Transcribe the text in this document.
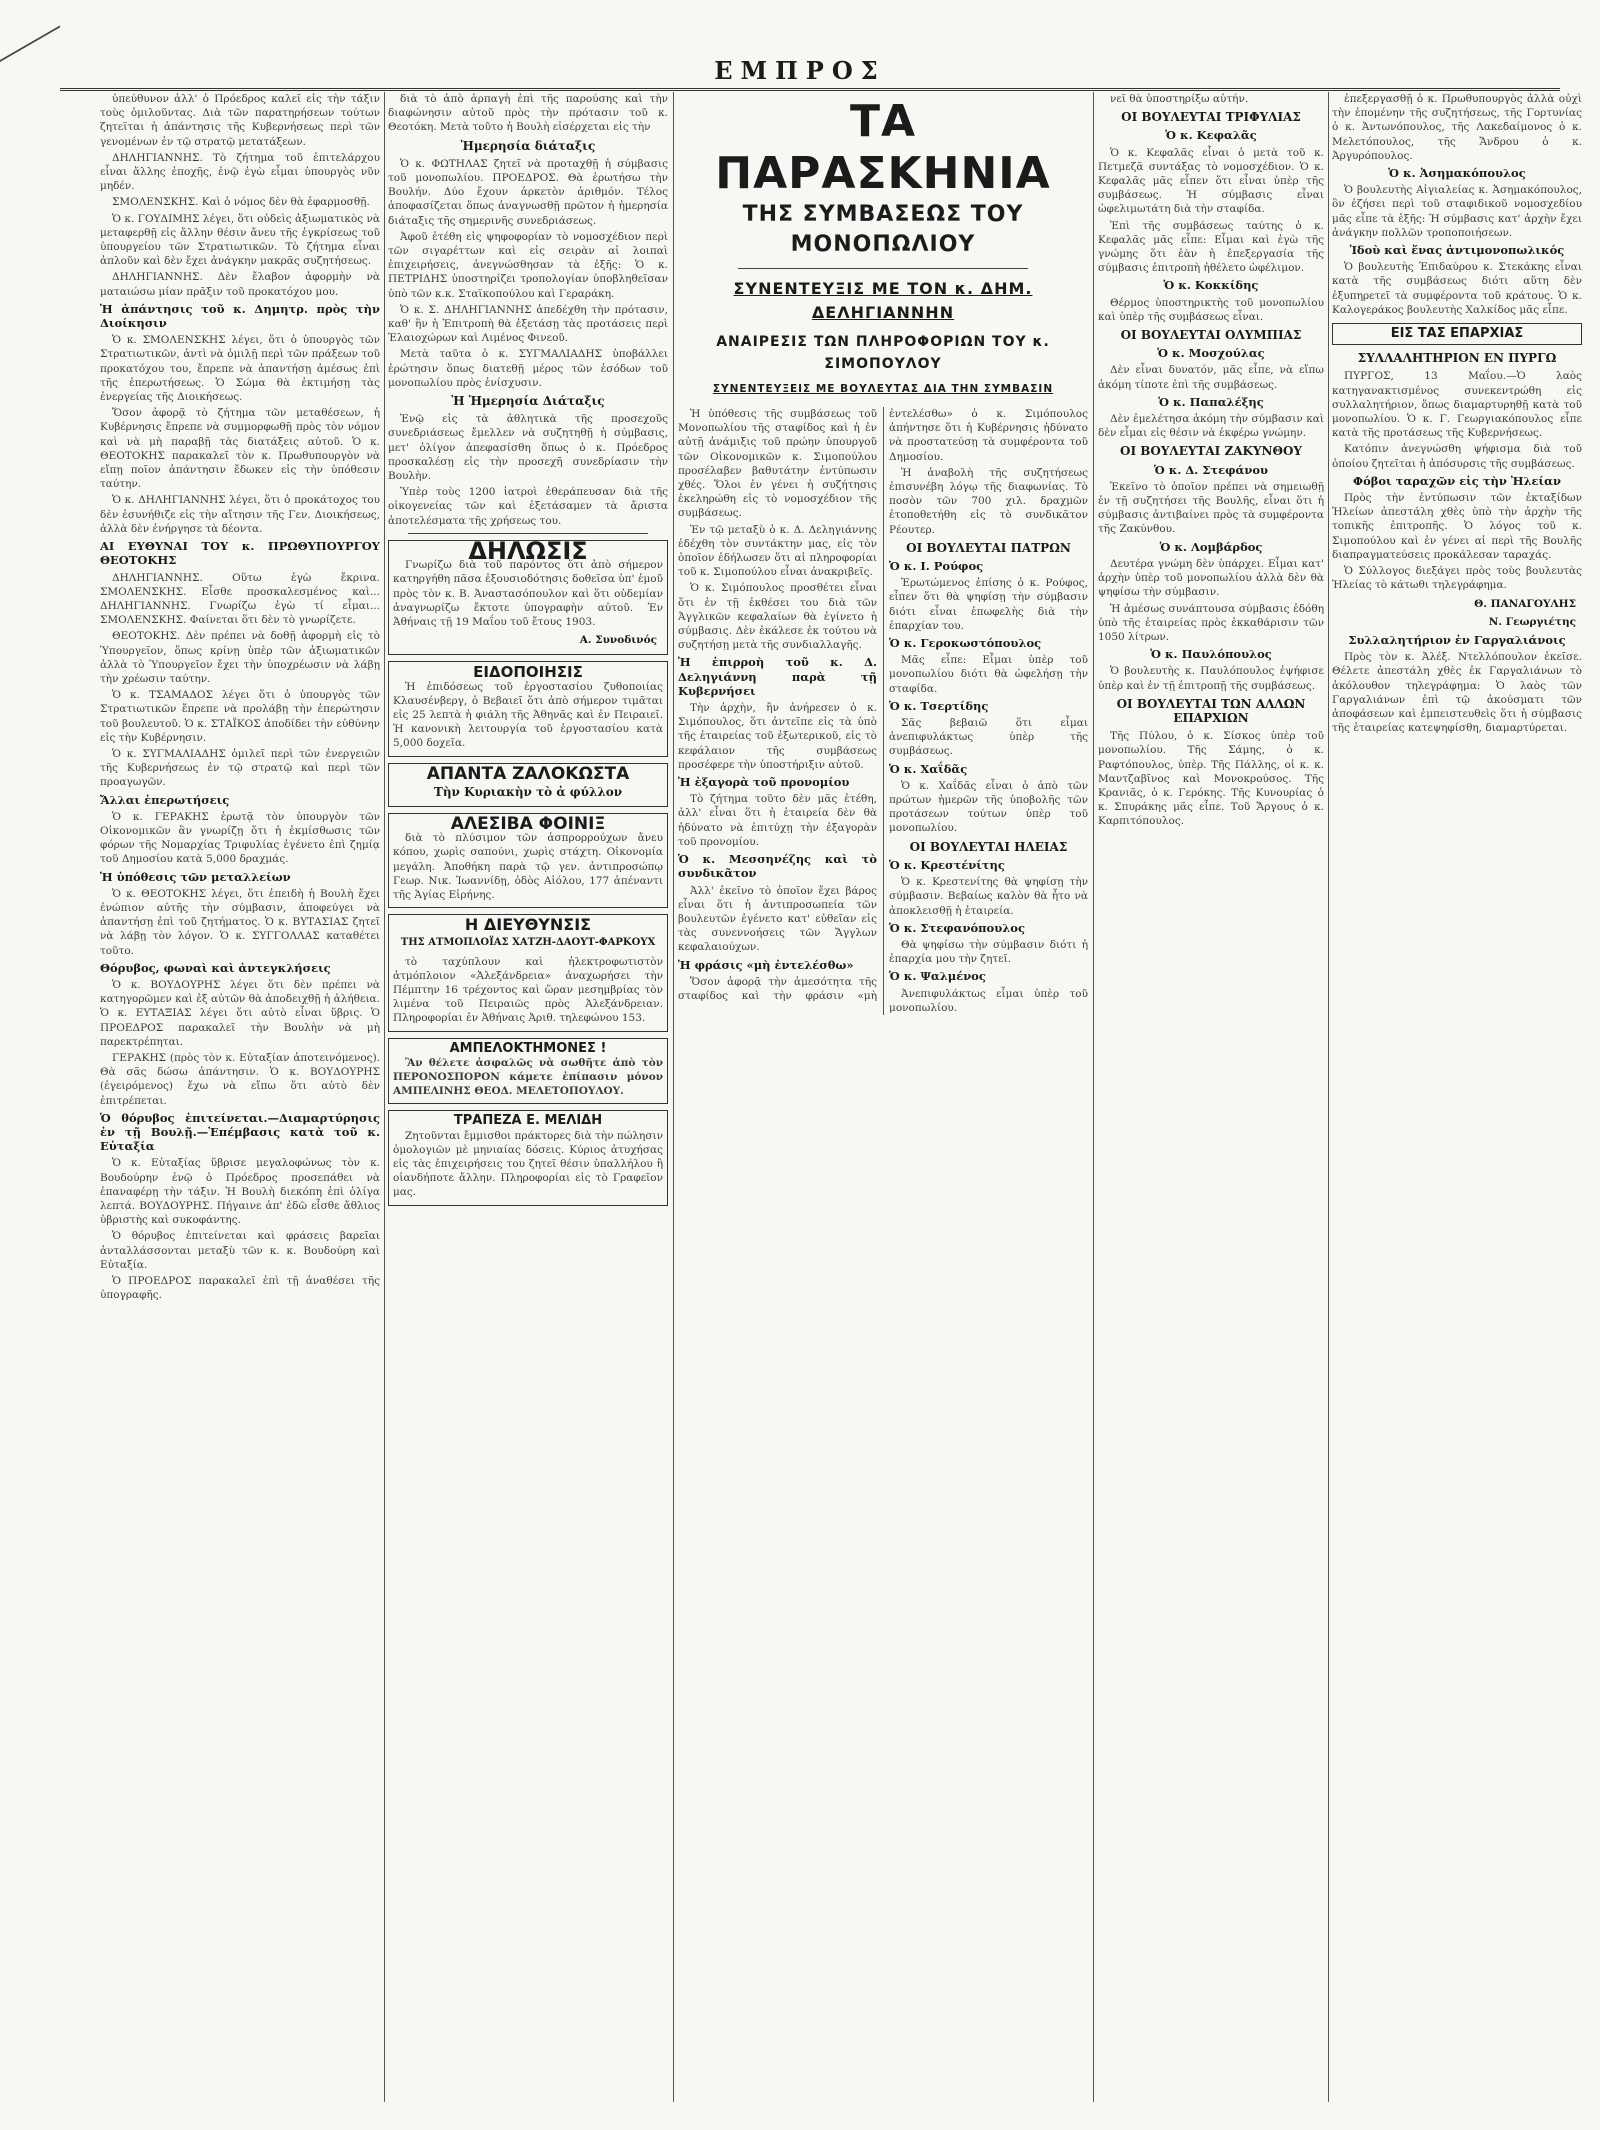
ΕΜΠΡΟΣ

ὑπεύθυνον ἀλλ' ὁ Πρόεδρος καλεῖ εἰς τὴν τάξιν τοὺς ὁμιλοῦντας. Διὰ τῶν παρατηρήσεων τούτων ζητεῖται ἡ ἀπάντησις τῆς Κυβερνήσεως περὶ τῶν γενομένων ἐν τῷ στρατῷ μετατάξεων.

ΔΗΛΗΓΙΑΝΝΗΣ. Τὸ ζήτημα τοῦ ἐπιτελάρχου εἶναι ἄλλης ἐποχῆς, ἐνῷ ἐγὼ εἶμαι ὑπουργὸς νῦν μηδέν.

ΣΜΟΛΕΝΣΚΗΣ. Καὶ ὁ νόμος δὲν θὰ ἐφαρμοσθῇ.

Ὁ κ. ΓΟΥΔΙΜΗΣ λέγει, ὅτι οὐδεὶς ἀξιωματικὸς νὰ μεταφερθῇ εἰς ἄλλην θέσιν ἄνευ τῆς ἐγκρίσεως τοῦ ὑπουργείου τῶν Στρατιωτικῶν. Τὸ ζήτημα εἶναι ἀπλοῦν καὶ δὲν ἔχει ἀνάγκην μακρᾶς συζητήσεως.

ΔΗΛΗΓΙΑΝΝΗΣ. Δὲν ἔλαβον ἀφορμὴν νὰ ματαιώσω μίαν πρᾶξιν τοῦ προκατόχου μου.

Ἡ ἀπάντησις τοῦ κ. Δημητρ. πρὸς τὴν Διοίκησιν

Ὁ κ. ΣΜΟΛΕΝΣΚΗΣ λέγει, ὅτι ὁ ὑπουργὸς τῶν Στρατιωτικῶν, ἀντὶ νὰ ὁμιλῇ περὶ τῶν πράξεων τοῦ προκατόχου του, ἔπρεπε νὰ ἀπαντήσῃ ἀμέσως ἐπὶ τῆς ἐπερωτήσεως. Ὁ Σώμα θὰ ἐκτιμήσῃ τὰς ἐνεργείας τῆς Διοικήσεως.

Ὅσον ἀφορᾷ τὸ ζήτημα τῶν μεταθέσεων, ἡ Κυβέρνησις ἔπρεπε νὰ συμμορφωθῇ πρὸς τὸν νόμον καὶ νὰ μὴ παραβῇ τὰς διατάξεις αὐτοῦ. Ὁ κ. ΘΕΟΤΟΚΗΣ παρακαλεῖ τὸν κ. Πρωθυπουργὸν νὰ εἴπῃ ποῖον ἀπάντησιν ἔδωκεν εἰς τὴν ὑπόθεσιν ταύτην.

Ὁ κ. ΔΗΛΗΓΙΑΝΝΗΣ λέγει, ὅτι ὁ προκάτοχος του δὲν ἐσυνήθιζε εἰς τὴν αἴτησιν τῆς Γεν. Διοικήσεως, ἀλλὰ δὲν ἐνήργησε τὰ δέοντα.

ΑΙ ΕΥΘΥΝΑΙ ΤΟΥ κ. ΠΡΩΘΥΠΟΥΡΓΟΥ ΘΕΟΤΟΚΗΣ

ΔΗΛΗΓΙΑΝΝΗΣ. Οὕτω ἐγὼ ἔκρινα. ΣΜΟΛΕΝΣΚΗΣ. Εἶσθε προσκαλεσμένος καὶ... ΔΗΛΗΓΙΑΝΝΗΣ. Γνωρίζω ἐγὼ τί εἶμαι... ΣΜΟΛΕΝΣΚΗΣ. Φαίνεται ὅτι δὲν τὸ γνωρίζετε.

ΘΕΟΤΟΚΗΣ. Δὲν πρέπει νὰ δοθῇ ἀφορμὴ εἰς τὸ Ὑπουργεῖον, ὅπως κρίνῃ ὑπὲρ τῶν ἀξιωματικῶν ἀλλὰ τὸ Ὑπουργεῖον ἔχει τὴν ὑποχρέωσιν νὰ λάβῃ τὴν χρέωσιν ταύτην.

Ὁ κ. ΤΣΑΜΑΔΟΣ λέγει ὅτι ὁ ὑπουργὸς τῶν Στρατιωτικῶν ἔπρεπε νὰ προλάβῃ τὴν ἐπερώτησιν τοῦ βουλευτοῦ. Ὁ κ. ΣΤΑΪΚΟΣ ἀποδίδει τὴν εὐθύνην εἰς τὴν Κυβέρνησιν.

Ὁ κ. ΣΥΓΜΑΛΙΑΔΗΣ ὁμιλεῖ περὶ τῶν ἐνεργειῶν τῆς Κυβερνήσεως ἐν τῷ στρατῷ καὶ περὶ τῶν προαγωγῶν.

Ἄλλαι ἐπερωτήσεις

Ὁ κ. ΓΕΡΑΚΗΣ ἐρωτᾷ τὸν ὑπουργὸν τῶν Οἰκονομικῶν ἂν γνωρίζῃ ὅτι ἡ ἐκμίσθωσις τῶν φόρων τῆς Νομαρχίας Τριφυλίας ἐγένετο ἐπὶ ζημίᾳ τοῦ Δημοσίου κατὰ 5,000 δραχμάς.

Ἡ ὑπόθεσις τῶν μεταλλείων

Ὁ κ. ΘΕΟΤΟΚΗΣ λέγει, ὅτι ἐπειδὴ ἡ Βουλὴ ἔχει ἐνώπιον αὐτῆς τὴν σύμβασιν, ἀποφεύγει νὰ ἀπαντήσῃ ἐπὶ τοῦ ζητήματος. Ὁ κ. ΒΥΤΑΣΙΑΣ ζητεῖ νὰ λάβῃ τὸν λόγον. Ὁ κ. ΣΥΓΓΟΛΛΑΣ καταθέτει τοῦτο.

Θόρυβος, φωναὶ καὶ ἀντεγκλήσεις

Ὁ κ. ΒΟΥΔΟΥΡΗΣ λέγει ὅτι δὲν πρέπει νὰ κατηγορῶμεν καὶ ἐξ αὐτῶν θὰ ἀποδειχθῇ ἡ ἀλήθεια. Ὁ κ. ΕΥΤΑΞΙΑΣ λέγει ὅτι αὐτὸ εἶναι ὕβρις. Ὁ ΠΡΟΕΔΡΟΣ παρακαλεῖ τὴν Βουλὴν νὰ μὴ παρεκτρέπηται.

ΓΕΡΑΚΗΣ (πρὸς τὸν κ. Εὐταξίαν ἀποτεινόμενος). Θὰ σᾶς δώσω ἀπάντησιν. Ὁ κ. ΒΟΥΔΟΥΡΗΣ (ἐγειρόμενος) ἔχω νὰ εἴπω ὅτι αὐτὸ δὲν ἐπιτρέπεται.

Ὁ θόρυβος ἐπιτείνεται.—Διαμαρτύρησις ἐν τῇ Βουλῇ.—Ἐπέμβασις κατὰ τοῦ κ. Εὐταξία

Ὁ κ. Εὐταξίας ὕβρισε μεγαλοφώνως τὸν κ. Βουδούρην ἐνῷ ὁ Πρόεδρος προσεπάθει νὰ ἐπαναφέρῃ τὴν τάξιν. Ἡ Βουλὴ διεκόπη ἐπὶ ὀλίγα λεπτά. ΒΟΥΔΟΥΡΗΣ. Πήγαινε ἀπ' ἐδῶ εἶσθε ἄθλιος ὑβριστὴς καὶ συκοφάντης.

Ὁ θόρυβος ἐπιτείνεται καὶ φράσεις βαρεῖαι ἀνταλλάσσονται μεταξὺ τῶν κ. κ. Βουδούρη καὶ Εὐταξία.

Ὁ ΠΡΟΕΔΡΟΣ παρακαλεῖ ἐπὶ τῇ ἀναθέσει τῆς ὑπογραφῆς.

διὰ τὸ ἀπὸ ἁρπαγὴ ἐπὶ τῆς παρούσης καὶ τὴν διαφώνησιν αὐτοῦ πρὸς τὴν πρότασιν τοῦ κ. Θεοτόκη. Μετὰ τοῦτο ἡ Βουλὴ εἰσέρχεται εἰς τὴν

Ἡμερησία διάταξις

Ὁ κ. ΦΩΤΗΛΑΣ ζητεῖ νὰ προταχθῇ ἡ σύμβασις τοῦ μονοπωλίου. ΠΡΟΕΔΡΟΣ. Θὰ ἐρωτήσω τὴν Βουλήν. Δύο ἔχουν ἀρκετὸν ἀριθμόν. Τέλος ἀποφασίζεται ὅπως ἀναγνωσθῇ πρῶτον ἡ ἡμερησία διάταξις τῆς σημερινῆς συνεδριάσεως.

Ἀφοῦ ἐτέθη εἰς ψηφοφορίαν τὸ νομοσχέδιον περὶ τῶν σιγαρέττων καὶ εἰς σειρὰν αἱ λοιπαὶ ἐπιχειρήσεις, ἀνεγνώσθησαν τὰ ἑξῆς: Ὁ κ. ΠΕΤΡΙΔΗΣ ὑποστηρίζει τροπολογίαν ὑποβληθεῖσαν ὑπὸ τῶν κ.κ. Σταϊκοπούλου καὶ Γεραράκη.

Ὁ κ. Σ. ΔΗΛΗΓΙΑΝΝΗΣ ἀπεδέχθη τὴν πρότασιν, καθ' ἣν ἡ Ἐπιτροπὴ θὰ ἐξετάσῃ τὰς προτάσεις περὶ Ἐλαιοχώρων καὶ Λιμένος Φινεοῦ.

Μετὰ ταῦτα ὁ κ. ΣΥΓΜΑΛΙΑΔΗΣ ὑποβάλλει ἐρώτησιν ὅπως διατεθῇ μέρος τῶν ἐσόδων τοῦ μονοπωλίου πρὸς ἐνίσχυσιν.

Ἡ Ἡμερησία Διάταξις

Ἐνῷ εἰς τὰ ἀθλητικὰ τῆς προσεχοῦς συνεδριάσεως ἔμελλεν νὰ συζητηθῇ ἡ σύμβασις, μετ' ὀλίγον ἀπεφασίσθη ὅπως ὁ κ. Πρόεδρος προσκαλέσῃ εἰς τὴν προσεχῆ συνεδρίασιν τὴν Βουλὴν.

Ὑπὲρ τοὺς 1200 ἰατροὶ ἐθεράπευσαν διὰ τῆς οἰκογενείας τῶν καὶ ἐξετάσαμεν τὰ ἄριστα ἀποτελέσματα τῆς χρήσεως του.

ΔΗΛΩΣΙΣ

Γνωρίζω διὰ τοῦ παρόντος ὅτι ἀπὸ σήμερον κατηργήθη πᾶσα ἐξουσιοδότησις δοθεῖσα ὑπ' ἐμοῦ πρὸς τὸν κ. Β. Ἀναστασόπουλον καὶ ὅτι οὐδεμίαν ἀναγνωρίζω ἔκτοτε ὑπογραφὴν αὐτοῦ. Ἐν Ἀθήναις τῇ 19 Μαΐου τοῦ ἔτους 1903.

Α. Συνοδινός
ΕΙΔΟΠΟΙΗΣΙΣ

Ἡ ἐπιδόσεως τοῦ ἐργοστασίου ζυθοποιίας Κλαυσένβεργ, ὁ Βεβαιεῖ ὅτι ἀπὸ σήμερον τιμᾶται εἰς 25 λεπτὰ ἡ φιάλη τῆς Ἀθηνᾶς καὶ ἐν Πειραιεῖ. Ἡ κανονικὴ λειτουργία τοῦ ἐργοστασίου κατὰ 5,000 δοχεῖα.

ΑΠΑΝΤΑ ΖΑΛΟΚΩΣΤΑ
Τὴν Κυριακὴν τὸ ἀ φύλλον
ΑΛΕΣΙΒΑ ΦΟΙΝΙΞ

διὰ τὸ πλύσιμον τῶν ἀσπρορρούχων ἄνευ κόπου, χωρὶς σαπούνι, χωρὶς στάχτη. Οἰκονομία μεγάλη. Ἀποθήκη παρὰ τῷ γεν. ἀντιπροσώπῳ Γεωρ. Νικ. Ἰωαννίδῃ, ὁδὸς Αἰόλου, 177 ἀπέναντι τῆς Ἁγίας Εἰρήνης.

Η ΔΙΕΥΘΥΝΣΙΣ
ΤΗΣ ΑΤΜΟΠΛΟΪΑΣ ΧΑΤΖΗ-ΔΑΟΥΤ-ΦΑΡΚΟΥΧ

τὸ ταχύπλουν καὶ ἠλεκτροφωτιστὸν ἀτμόπλοιον «Ἀλεξάνδρεια» ἀναχωρήσει τὴν Πέμπτην 16 τρέχοντος καὶ ὥραν μεσημβρίας τὸν λιμένα τοῦ Πειραιῶς πρὸς Ἀλεξάνδρειαν. Πληροφορίαι ἐν Ἀθήναις Ἀριθ. τηλεφώνου 153.

ΑΜΠΕΛΟΚΤΗΜΟΝΕΣ !

Ἂν θέλετε ἀσφαλῶς νὰ σωθῆτε ἀπὸ τὸν ΠΕΡΟΝΟΣΠΟΡΟΝ κάμετε ἐπίπασιν μόνον ΑΜΠΕΛΙΝΗΣ ΘΕΟΔ. ΜΕΛΕΤΟΠΟΥΛΟΥ.

ΤΡΑΠΕΖΑ Ε. ΜΕΛΙΔΗ

Ζητοῦνται ἔμμισθοι πράκτορες διὰ τὴν πώλησιν ὁμολογιῶν μὲ μηνιαίας δόσεις. Κύριος ἀτυχήσας εἰς τὰς ἐπιχειρήσεις του ζητεῖ θέσιν ὑπαλλήλου ἢ οἰανδήποτε ἄλλην. Πληροφορίαι εἰς τὸ Γραφεῖον μας.

ΤΑ ΠΑΡΑΣΚΗΝΙΑ
ΤΗΣ ΣΥΜΒΑΣΕΩΣ ΤΟΥ ΜΟΝΟΠΩΛΙΟΥ
ΣΥΝΕΝΤΕΥΞΙΣ ΜΕ ΤΟΝ κ. ΔΗΜ. ΔΕΛΗΓΙΑΝΝΗΝ
ΑΝΑΙΡΕΣΙΣ ΤΩΝ ΠΛΗΡΟΦΟΡΙΩΝ ΤΟΥ κ. ΣΙΜΟΠΟΥΛΟΥ
ΣΥΝΕΝΤΕΥΞΕΙΣ ΜΕ ΒΟΥΛΕΥΤΑΣ ΔΙΑ ΤΗΝ ΣΥΜΒΑΣΙΝ

Ἡ ὑπόθεσις τῆς συμβάσεως τοῦ Μονοπωλίου τῆς σταφίδος καὶ ἡ ἐν αὐτῇ ἀνάμιξις τοῦ πρώην ὑπουργοῦ τῶν Οἰκονομικῶν κ. Σιμοπούλου προσέλαβεν βαθυτάτην ἐντύπωσιν χθές. Ὅλοι ἐν γένει ἡ συζήτησις ἐκεληρώθη εἰς τὸ νομοσχέδιον τῆς συμβάσεως.

Ἐν τῷ μεταξὺ ὁ κ. Δ. Δεληγιάννης ἐδέχθη τὸν συντάκτην μας, εἰς τὸν ὁποῖον ἐδήλωσεν ὅτι αἱ πληροφορίαι τοῦ κ. Σιμοπούλου εἶναι ἀνακριβεῖς.

Ὁ κ. Σιμόπουλος προσθέτει εἶναι ὅτι ἐν τῇ ἐκθέσει του διὰ τῶν Ἀγγλικῶν κεφαλαίων θὰ ἐγίνετο ἡ σύμβασις. Δὲν ἐκάλεσε ἐκ τούτου νὰ συζητήσῃ μετὰ τῆς συνδιαλλαγῆς.

Ἡ ἐπιρροὴ τοῦ κ. Δ. Δεληγιάννη παρὰ τῇ Κυβερνήσει

Τὴν ἀρχὴν, ἢν ἀνήρεσεν ὁ κ. Σιμόπουλος, ὅτι ἀντεῖπε εἰς τὰ ὑπὸ τῆς ἑταιρείας τοῦ ἐξωτερικοῦ, εἰς τὸ κεφάλαιον τῆς συμβάσεως προσέφερε τὴν ὑποστήριξιν αὐτοῦ.

Ἡ ἐξαγορὰ τοῦ προνομίου

Τὸ ζήτημα τοῦτο δὲν μᾶς ἐτέθη, ἀλλ' εἶναι ὅτι ἡ ἑταιρεία δὲν θὰ ἠδύνατο νὰ ἐπιτύχῃ τὴν ἐξαγορὰν τοῦ προνομίου.

Ὁ κ. Μεσσηνέζης καὶ τὸ συνδικᾶτον

Ἀλλ' ἐκεῖνο τὸ ὁποῖον ἔχει βάρος εἶναι ὅτι ἡ ἀντιπροσωπεία τῶν βουλευτῶν ἐγένετο κατ' εὐθεῖαν εἰς τὰς συνεννοήσεις τῶν Ἄγγλων κεφαλαιούχων.

Ἡ φράσις «μὴ ἐντελέσθω»

Ὅσον ἀφορᾷ τὴν ἀμεσότητα τῆς σταφίδος καὶ τὴν φράσιν «μὴ ἐντελέσθω» ὁ κ. Σιμόπουλος ἀπήντησε ὅτι ἡ Κυβέρνησις ἠδύνατο νὰ προστατεύσῃ τὰ συμφέροντα τοῦ Δημοσίου.

Ἡ ἀναβολὴ τῆς συζητήσεως ἐπισυνέβη λόγῳ τῆς διαφωνίας. Τὸ ποσὸν τῶν 700 χιλ. δραχμῶν ἐτοποθετήθη εἰς τὸ συνδικᾶτον Ρέουτερ.

ΟΙ ΒΟΥΛΕΥΤΑΙ ΠΑΤΡΩΝ
Ὁ κ. Ι. Ρούφος

Ἐρωτώμενος ἐπίσης ὁ κ. Ρούφος, εἶπεν ὅτι θὰ ψηφίσῃ τὴν σύμβασιν διότι εἶναι ἐπωφελὴς διὰ τὴν ἐπαρχίαν του.

Ὁ κ. Γεροκωστόπουλος

Μᾶς εἶπε: Εἶμαι ὑπὲρ τοῦ μονοπωλίου διότι θὰ ὠφελήσῃ τὴν σταφίδα.

Ὁ κ. Τσερτίδης

Σᾶς βεβαιῶ ὅτι εἶμαι ἀνεπιφυλάκτως ὑπὲρ τῆς συμβάσεως.

Ὁ κ. Χαΐδᾶς

Ὁ κ. Χαΐδᾶς εἶναι ὁ ἀπὸ τῶν πρώτων ἡμερῶν τῆς ὑποβολῆς τῶν προτάσεων τούτων ὑπὲρ τοῦ μονοπωλίου.

ΟΙ ΒΟΥΛΕΥΤΑΙ ΗΛΕΙΑΣ
Ὁ κ. Κρεστένίτης

Ὁ κ. Κρεστενίτης θὰ ψηφίσῃ τὴν σύμβασιν. Βεβαίως καλὸν θὰ ἦτο νὰ ἀποκλεισθῇ ἡ ἑταιρεία.

Ὁ κ. Στεφανόπουλος

Θὰ ψηφίσω τὴν σύμβασιν διότι ἡ ἐπαρχία μου τὴν ζητεῖ.

Ὁ κ. Ψαλμένος

Ἀνεπιφυλάκτως εἶμαι ὑπὲρ τοῦ μονοπωλίου.

νεῖ θὰ ὑποστηρίξω αὐτήν.

ΟΙ ΒΟΥΛΕΥΤΑΙ ΤΡΙΦΥΛΙΑΣ
Ὁ κ. Κεφαλᾶς

Ὁ κ. Κεφαλᾶς εἶναι ὁ μετὰ τοῦ κ. Πετμεζᾶ συντάξας τὸ νομοσχέδιον. Ὁ κ. Κεφαλᾶς μᾶς εἶπεν ὅτι εἶναι ὑπὲρ τῆς συμβάσεως. Ἡ σύμβασις εἶναι ὠφελιμωτάτη διὰ τὴν σταφίδα.

Ἐπὶ τῆς συμβάσεως ταύτης ὁ κ. Κεφαλᾶς μᾶς εἶπε: Εἶμαι καὶ ἐγὼ τῆς γνώμης ὅτι ἐὰν ἡ ἐπεξεργασία τῆς σύμβασις ἐπιτροπὴ ἠθέλετο ὡφέλιμον.

Ὁ κ. Κοκκίδης

Θέρμος ὑποστηρικτὴς τοῦ μονοπωλίου καὶ ὑπὲρ τῆς συμβάσεως εἶναι.

ΟΙ ΒΟΥΛΕΥΤΑΙ ΟΛΥΜΠΙΑΣ
Ὁ κ. Μοσχούλας

Δὲν εἶναι δυνατόν, μᾶς εἶπε, νὰ εἴπω ἀκόμη τίποτε ἐπὶ τῆς συμβάσεως.

Ὁ κ. Παπαλέξης

Δὲν ἐμελέτησα ἀκόμη τὴν σύμβασιν καὶ δὲν εἶμαι εἰς θέσιν νὰ ἐκφέρω γνώμην.

ΟΙ ΒΟΥΛΕΥΤΑΙ ΖΑΚΥΝΘΟΥ
Ὁ κ. Δ. Στεφάνου

Ἐκεῖνο τὸ ὁποῖον πρέπει νὰ σημειωθῇ ἐν τῇ συζητήσει τῆς Βουλῆς, εἶναι ὅτι ἡ σύμβασις ἀντιβαίνει πρὸς τὰ συμφέροντα τῆς Ζακύνθου.

Ὁ κ. Λομβάρδος

Δευτέρα γνώμη δὲν ὑπάρχει. Εἶμαι κατ' ἀρχὴν ὑπὲρ τοῦ μονοπωλίου ἀλλὰ δὲν θὰ ψηφίσω τὴν σύμβασιν.

Ἡ ἀμέσως συνάπτουσα σύμβασις ἐδόθη ὑπὸ τῆς ἑταιρείας πρὸς ἐκκαθάρισιν τῶν 1050 λίτρων.

Ὁ κ. Παυλόπουλος

Ὁ βουλευτὴς κ. Παυλόπουλος ἐψήφισε ὑπὲρ καὶ ἐν τῇ ἐπιτροπῇ τῆς συμβάσεως.

ΟΙ ΒΟΥΛΕΥΤΑΙ ΤΩΝ ΑΛΛΩΝ ΕΠΑΡΧΙΩΝ

Τῆς Πύλου, ὁ κ. Σίσκος ὑπὲρ τοῦ μονοπωλίου. Τῆς Σάμης, ὁ κ. Ραφτόπουλος, ὑπὲρ. Τῆς Πάλλης, οἱ κ. κ. Μαντζαβῖνος καὶ Μονοκρούσος. Τῆς Κρανιᾶς, ὁ κ. Γερόκης. Τῆς Κυνουρίας ὁ κ. Σπυράκης μᾶς εἶπε. Τοῦ Ἄργους ὁ κ. Καρπιτόπουλος.

ἐπεξεργασθῇ ὁ κ. Πρωθυπουργὸς ἀλλὰ οὐχὶ τὴν ἐπομένην τῆς συζητήσεως, τῆς Γορτυνίας ὁ κ. Ἀντωνόπουλος, τῆς Λακεδαίμονος ὁ κ. Μελετόπουλος, τῆς Ἄνδρου ὁ κ. Ἀργυρόπουλος.

Ὁ κ. Ἀσημακόπουλος

Ὁ βουλευτὴς Αἰγιαλείας κ. Ἀσημακόπουλος, ὃν ἐζήσει περὶ τοῦ σταφιδικοῦ νομοσχεδίου μᾶς εἶπε τὰ ἑξῆς: Ἡ σύμβασις κατ' ἀρχὴν ἔχει ἀνάγκην πολλῶν τροποποιήσεων.

Ἰδοὺ καὶ ἕνας ἀντιμονοπωλικός

Ὁ βουλευτὴς Ἐπιδαύρου κ. Στεκάκης εἶναι κατὰ τῆς συμβάσεως διότι αὕτη δὲν ἐξυπηρετεῖ τὰ συμφέροντα τοῦ κράτους. Ὁ κ. Καλογεράκος βουλευτὴς Χαλκίδος μᾶς εἶπε.

ΕΙΣ ΤΑΣ ΕΠΑΡΧΙΑΣ
ΣΥΛΛΑΛΗΤΗΡΙΟΝ ΕΝ ΠΥΡΓΩ

ΠΥΡΓΟΣ, 13 Μαΐου.—Ὁ λαὸς κατηγανακτισμένος συνεκεντρώθη εἰς συλλαλητήριον, ὅπως διαμαρτυρηθῇ κατὰ τοῦ μονοπωλίου. Ὁ κ. Γ. Γεωργιακόπουλος εἶπε κατὰ τῆς προτάσεως τῆς Κυβερνήσεως.

Κατόπιν ἀνεγνώσθη ψήφισμα διὰ τοῦ ὁποίου ζητεῖται ἡ ἀπόσυρσις τῆς συμβάσεως.

Φόβοι ταραχῶν εἰς τὴν Ἠλείαν

Πρὸς τὴν ἐντύπωσιν τῶν ἐκταξίδων Ἠλείων ἀπεστάλη χθὲς ὑπὸ τὴν ἀρχὴν τῆς τοπικῆς ἐπιτροπῆς. Ὁ λόγος τοῦ κ. Σιμοπούλου καὶ ἐν γένει αἱ περὶ τῆς Βουλῆς διαπραγματεύσεις προκάλεσαν ταραχάς.

Ὁ Σύλλογος διεξάγει πρὸς τοὺς βουλευτὰς Ἠλείας τὸ κάτωθι τηλεγράφημα.

Θ. ΠΑΝΑΓΟΥΛΗΣ
Ν. Γεωργιέτης
Συλλαλητήριον ἐν Γαργαλιάνοις

Πρὸς τὸν κ. Ἀλέξ. Ντελλόπουλον ἐκεῖσε. Θέλετε ἀπεστάλη χθὲς ἐκ Γαργαλιάνων τὸ ἀκόλουθον τηλεγράφημα: Ὁ λαὸς τῶν Γαργαλιάνων ἐπὶ τῷ ἀκούσματι τῶν ἀποφάσεων καὶ ἐμπειστευθεὶς ὅτι ἡ σύμβασις τῆς ἑταιρείας κατεψηφίσθη, διαμαρτύρεται.
